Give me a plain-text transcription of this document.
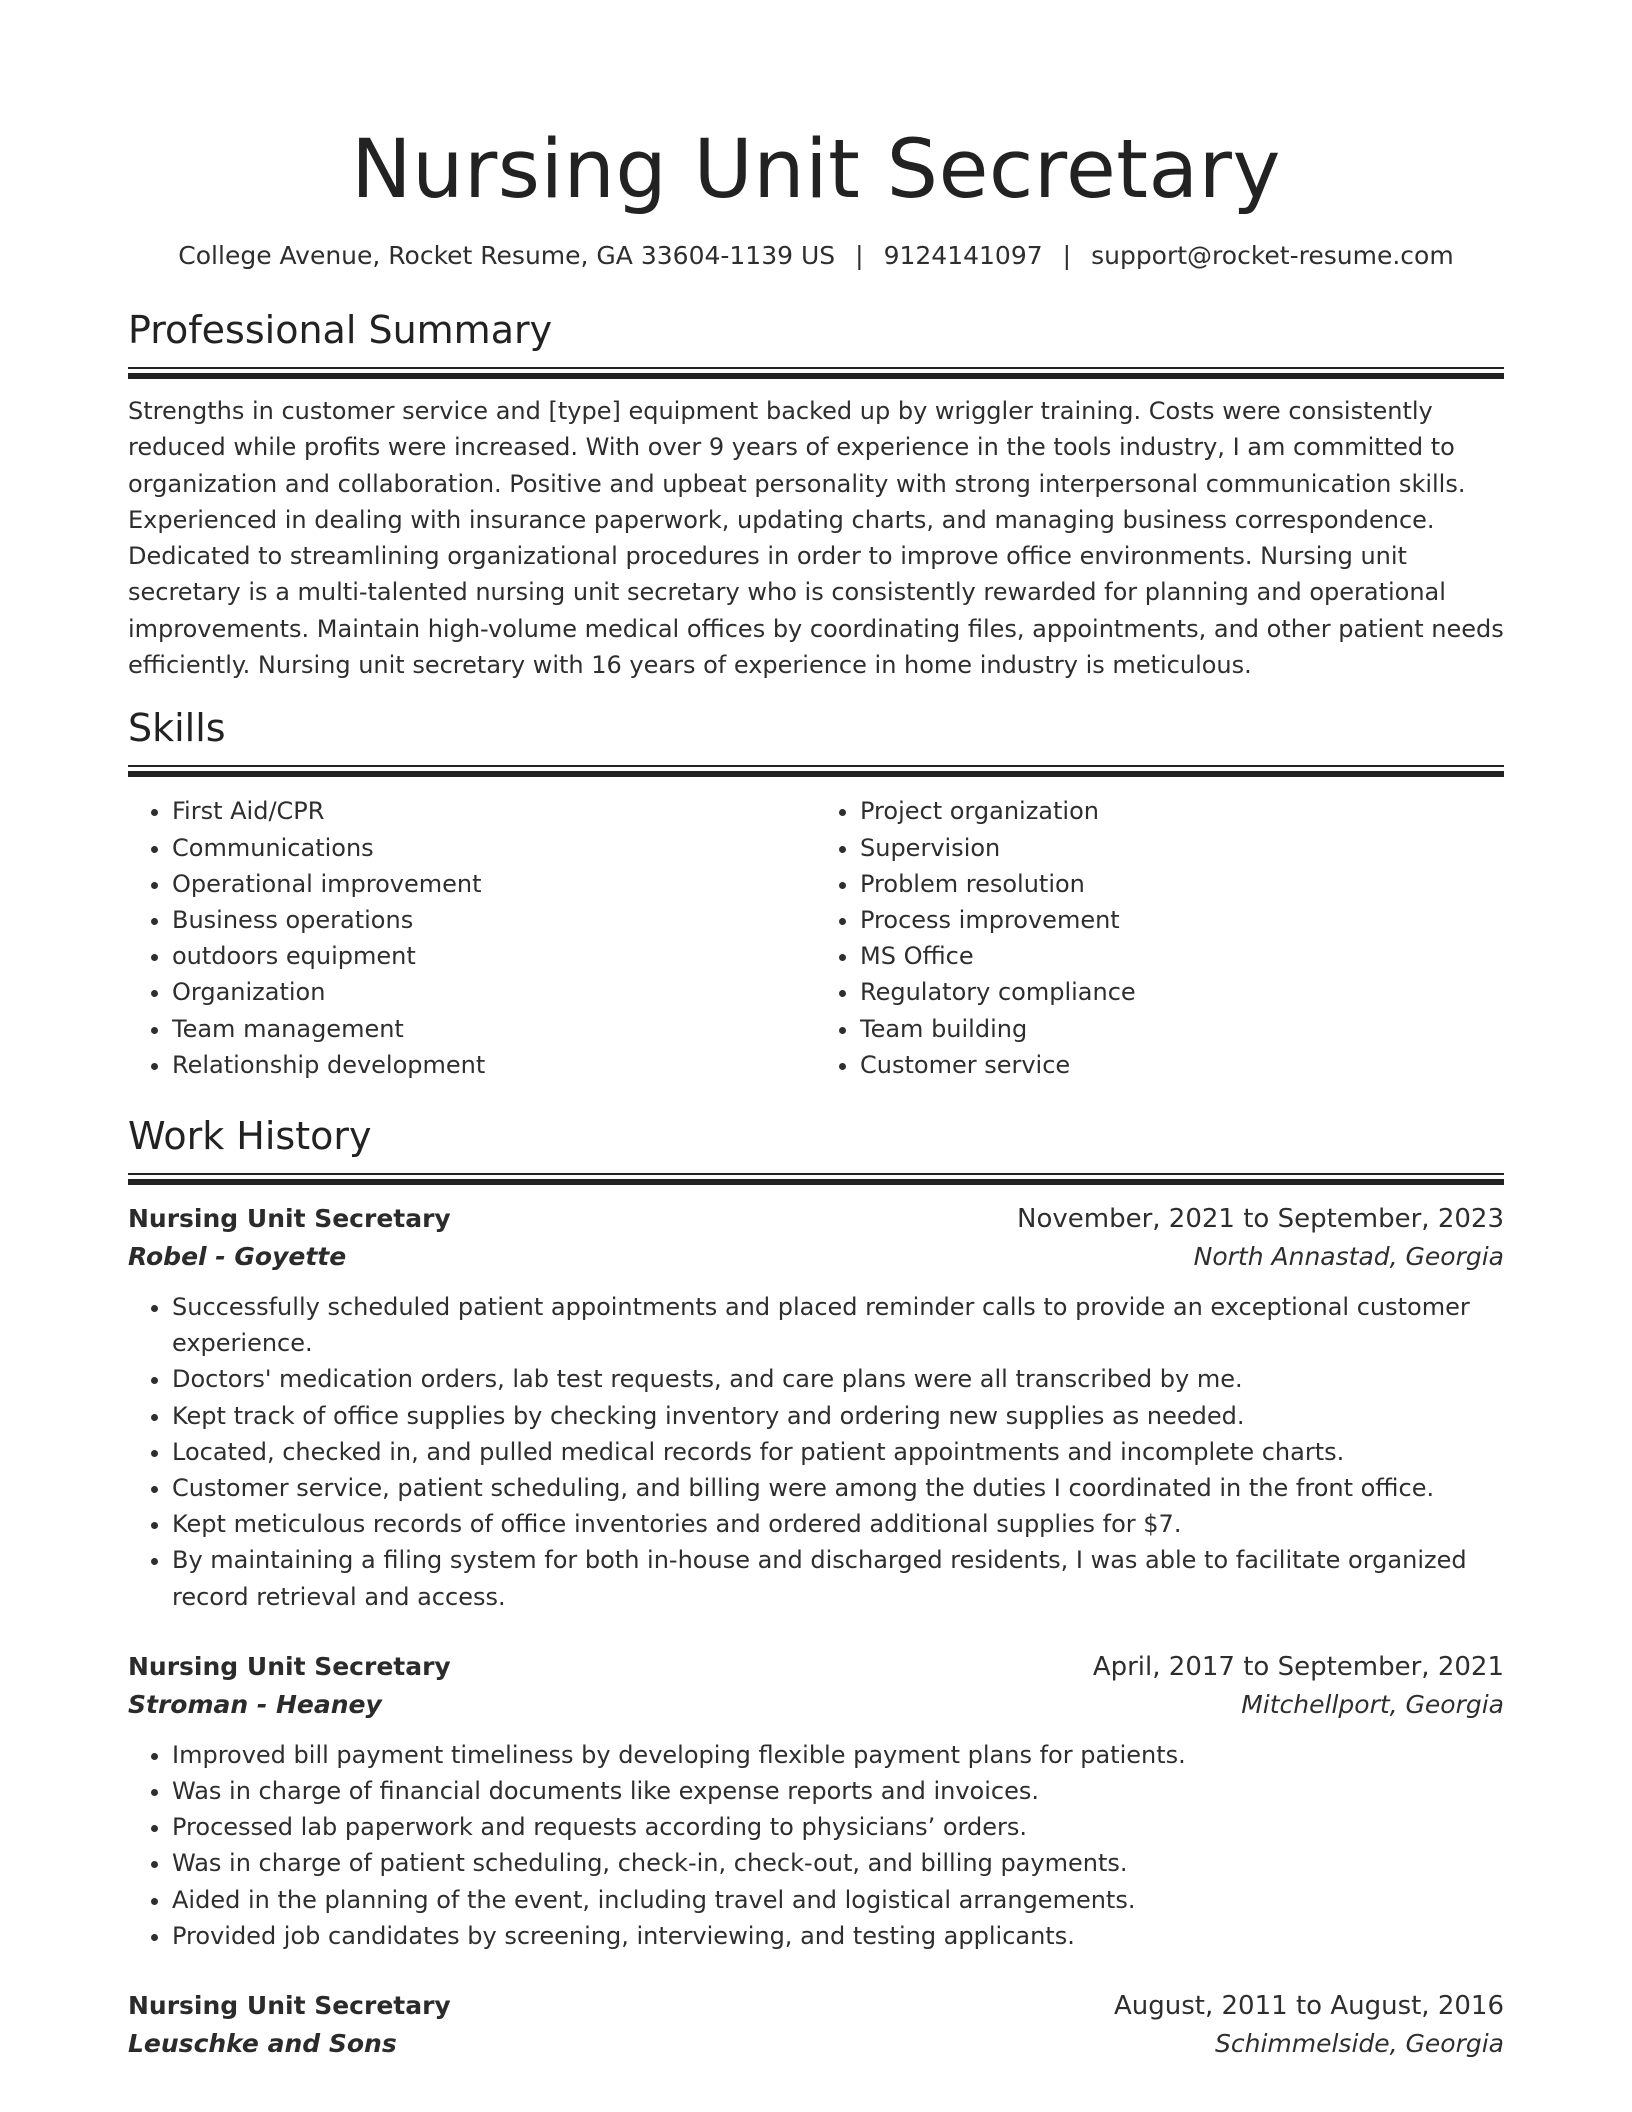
Nursing Unit Secretary
College Avenue, Rocket Resume, GA 33604-1139 US | 9124141097 | support@rocket-resume.com
Professional Summary

Strengths in customer service and [type] equipment backed up by wriggler training. Costs were consistently reduced while profits were increased. With over 9 years of experience in the tools industry, I am committed to organization and collaboration. Positive and upbeat personality with strong interpersonal communication skills. Experienced in dealing with insurance paperwork, updating charts, and managing business correspondence. Dedicated to streamlining organizational procedures in order to improve office environments. Nursing unit secretary is a multi-talented nursing unit secretary who is consistently rewarded for planning and operational improvements. Maintain high-volume medical offices by coordinating files, appointments, and other patient needs efficiently. Nursing unit secretary with 16 years of experience in home industry is meticulous.

Skills
• First Aid/CPR
• Communications
• Operational improvement
• Business operations
• outdoors equipment
• Organization
• Team management
• Relationship development
• Project organization
• Supervision
• Problem resolution
• Process improvement
• MS Office
• Regulatory compliance
• Team building
• Customer service
Work History
Nursing Unit Secretary	November, 2021 to September, 2023
Robel - Goyette	North Annastad, Georgia
• Successfully scheduled patient appointments and placed reminder calls to provide an exceptional customer experience.
• Doctors' medication orders, lab test requests, and care plans were all transcribed by me.
• Kept track of office supplies by checking inventory and ordering new supplies as needed.
• Located, checked in, and pulled medical records for patient appointments and incomplete charts.
• Customer service, patient scheduling, and billing were among the duties I coordinated in the front office.
• Kept meticulous records of office inventories and ordered additional supplies for $7.
• By maintaining a filing system for both in-house and discharged residents, I was able to facilitate organized record retrieval and access.
Nursing Unit Secretary	April, 2017 to September, 2021
Stroman - Heaney	Mitchellport, Georgia
• Improved bill payment timeliness by developing flexible payment plans for patients.
• Was in charge of financial documents like expense reports and invoices.
• Processed lab paperwork and requests according to physicians’ orders.
• Was in charge of patient scheduling, check-in, check-out, and billing payments.
• Aided in the planning of the event, including travel and logistical arrangements.
• Provided job candidates by screening, interviewing, and testing applicants.
Nursing Unit Secretary	August, 2011 to August, 2016
Leuschke and Sons	Schimmelside, Georgia
